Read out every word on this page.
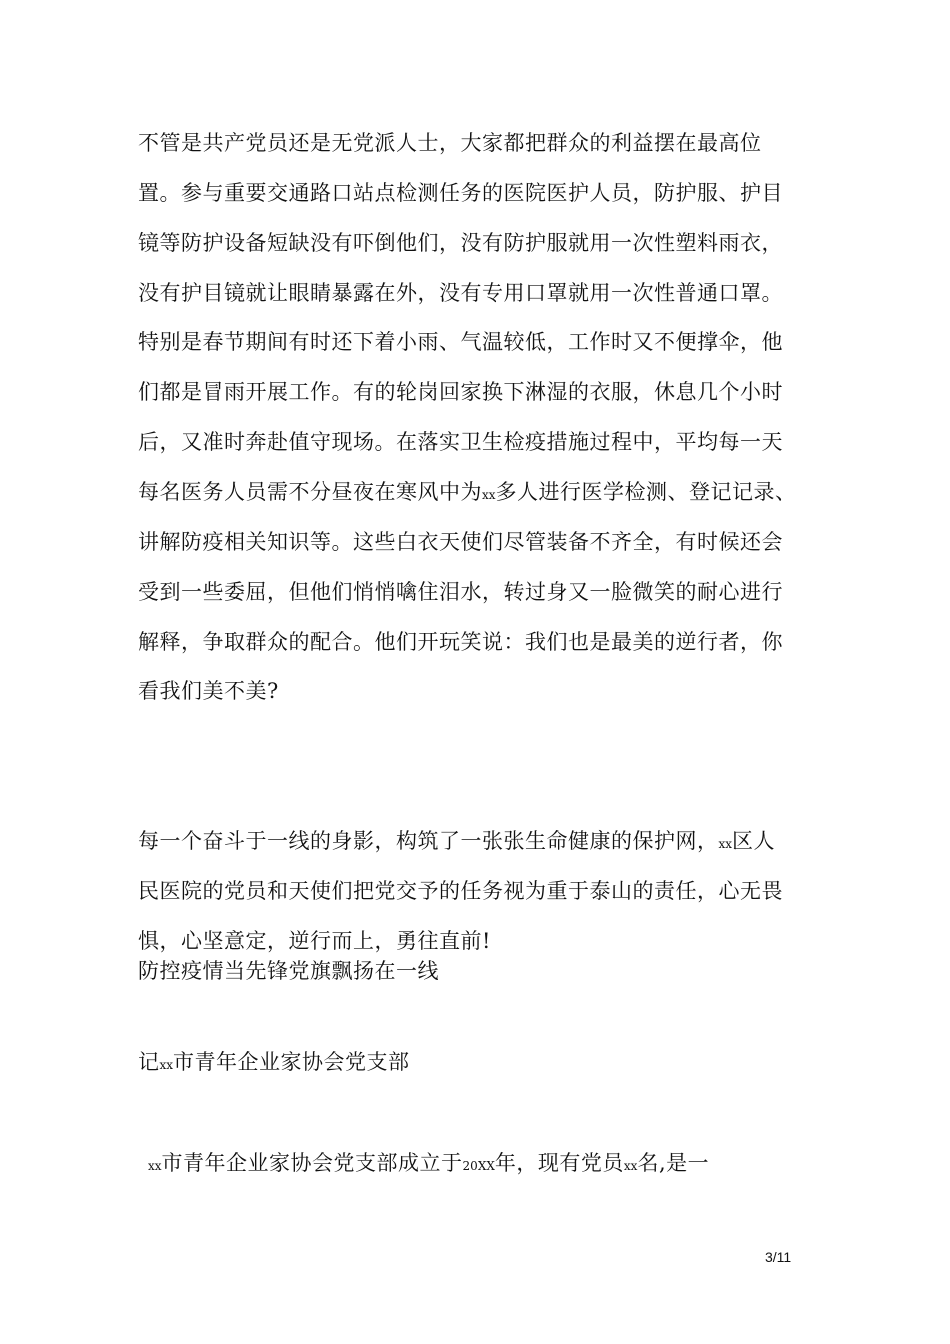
不管是共产党员还是无党派人士，大家都把群众的利益摆在最高位
置。参与重要交通路口站点检测任务的医院医护人员，防护服、护目
镜等防护设备短缺没有吓倒他们，没有防护服就用一次性塑料雨衣，
没有护目镜就让眼睛暴露在外，没有专用口罩就用一次性普通口罩。
特别是春节期间有时还下着小雨、气温较低，工作时又不便撑伞，他
们都是冒雨开展工作。有的轮岗回家换下淋湿的衣服，休息几个小时
后，又准时奔赴值守现场。在落实卫生检疫措施过程中，平均每一天
每名医务人员需不分昼夜在寒风中为xx多人进行医学检测、登记记录、
讲解防疫相关知识等。这些白衣天使们尽管装备不齐全，有时候还会
受到一些委屈，但他们悄悄噙住泪水，转过身又一脸微笑的耐心进行
解释，争取群众的配合。他们开玩笑说：我们也是最美的逆行者，你
看我们美不美?
每一个奋斗于一线的身影，构筑了一张张生命健康的保护网，xx区人
民医院的党员和天使们把党交予的任务视为重于泰山的责任，心无畏
惧，心坚意定，逆行而上，勇往直前!
防控疫情当先锋党旗飘扬在一线
记xx市青年企业家协会党支部
xx市青年企业家协会党支部成立于20XX年，现有党员xx名,是一
3/11
